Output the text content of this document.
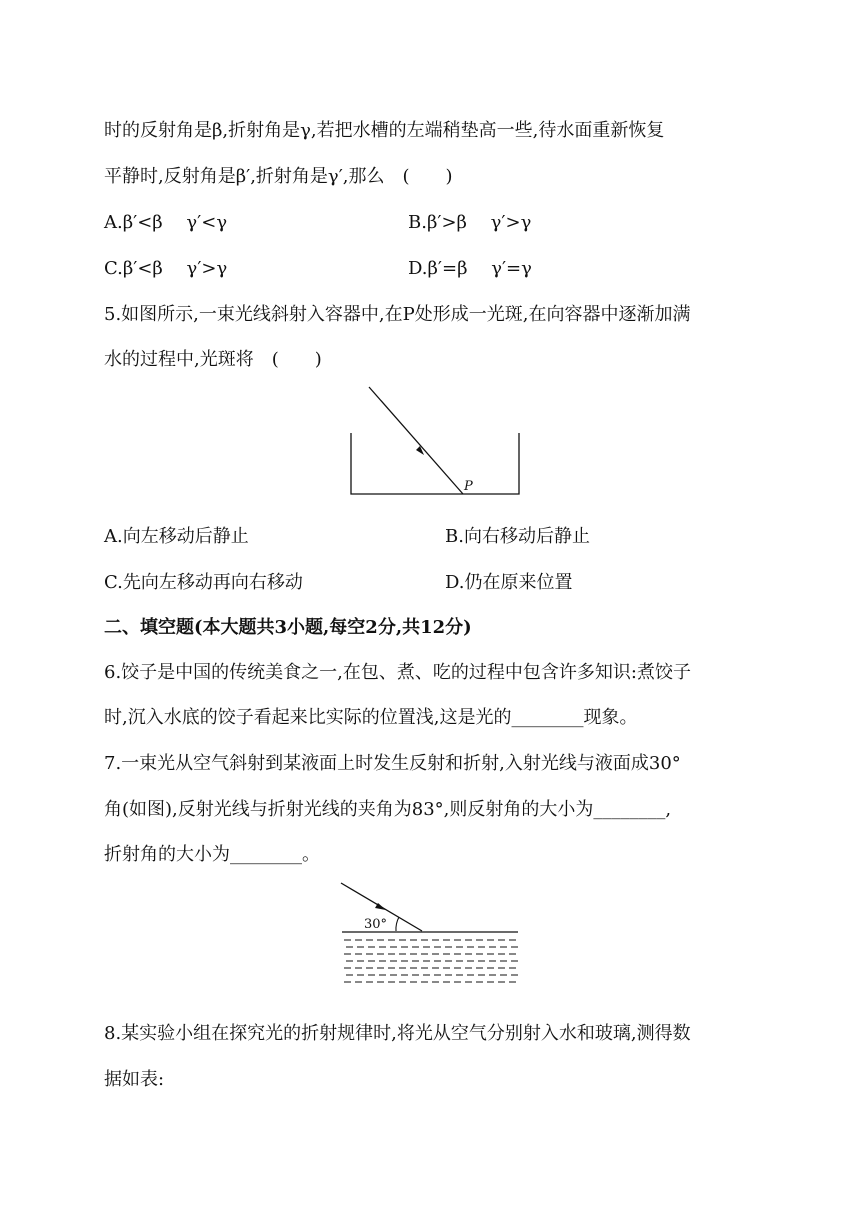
时的反射角是β,折射角是γ,若把水槽的左端稍垫高一些,待水面重新恢复
平静时,反射角是β′,折射角是γ′,那么　(　　)
A.β′<β　 γ′<γ	B.β′>β　 γ′>γ
C.β′<β　 γ′>γ	D.β′=β　 γ′=γ
5.如图所示,一束光线斜射入容器中,在P处形成一光斑,在向容器中逐渐加满
水的过程中,光斑将　(　　)
P
A.向左移动后静止	B.向右移动后静止
C.先向左移动再向右移动	D.仍在原来位置
二、填空题(本大题共3小题,每空2分,共12分)
6.饺子是中国的传统美食之一,在包、煮、吃的过程中包含许多知识:煮饺子
时,沉入水底的饺子看起来比实际的位置浅,这是光的________现象。
7.一束光从空气斜射到某液面上时发生反射和折射,入射光线与液面成30°
角(如图),反射光线与折射光线的夹角为83°,则反射角的大小为________,
折射角的大小为________。
30°
8.某实验小组在探究光的折射规律时,将光从空气分别射入水和玻璃,测得数
据如表:
